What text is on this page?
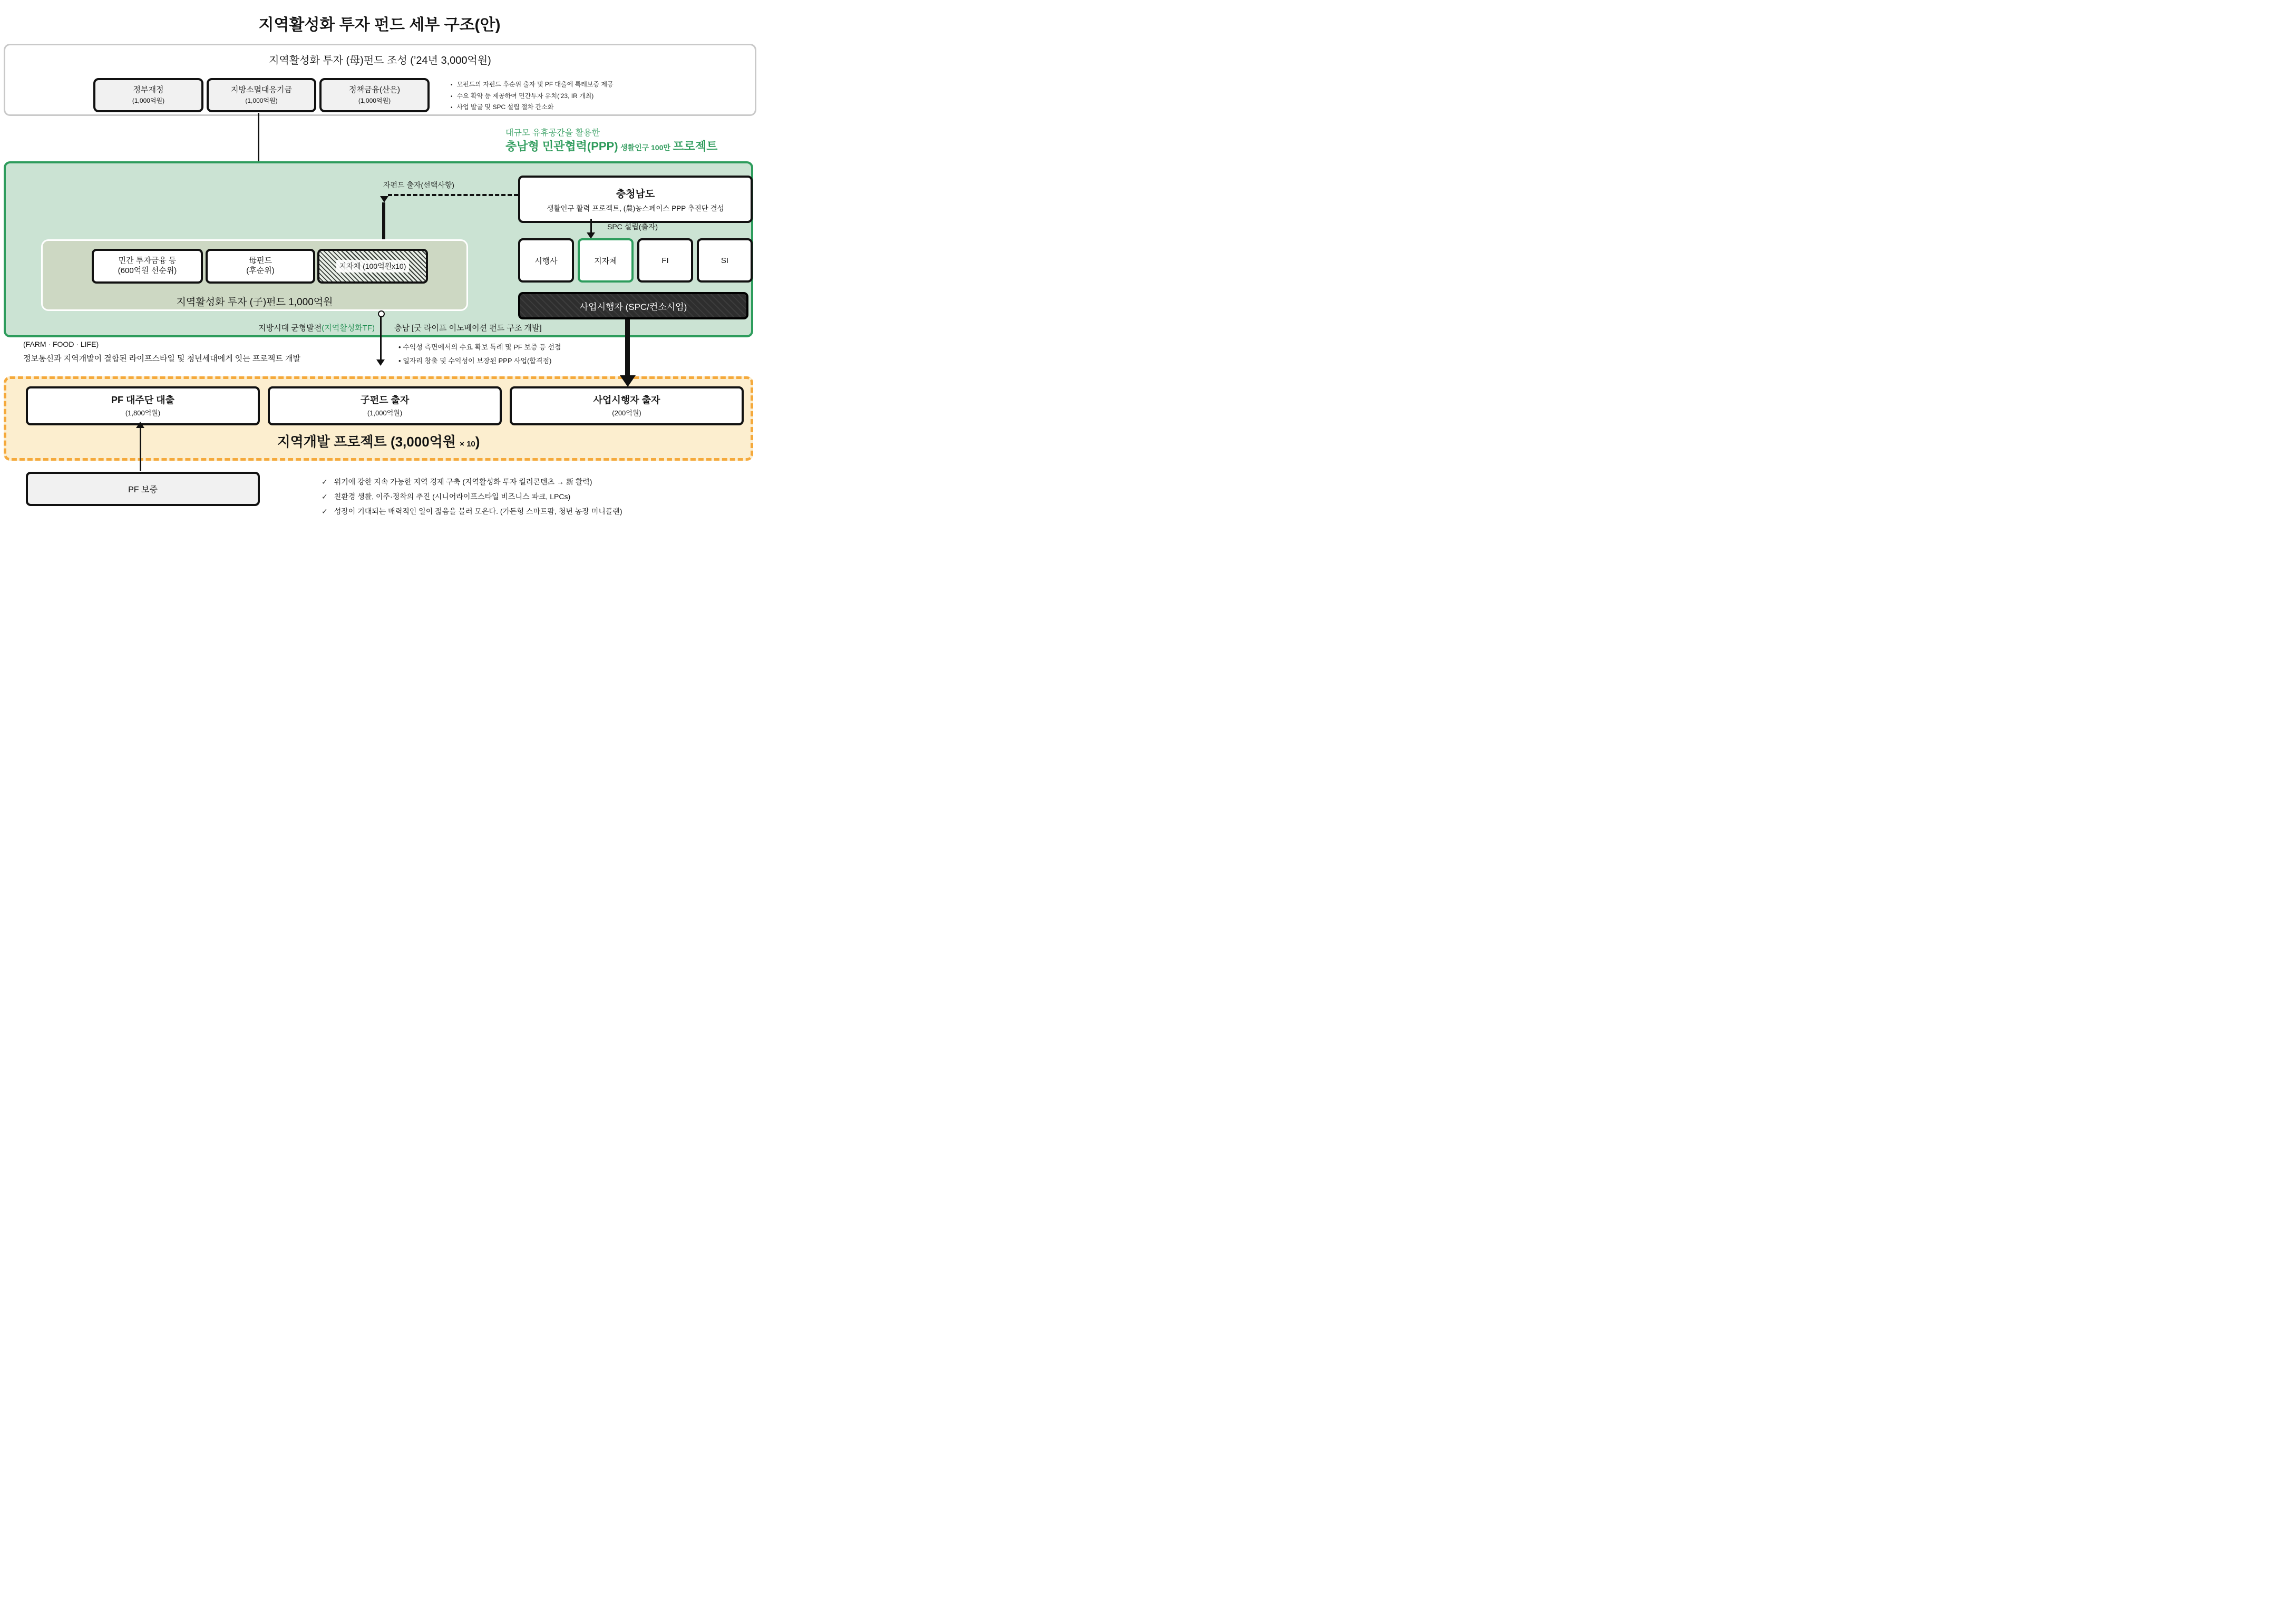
지역활성화 투자 펀드 세부 구조(안)
지역활성화 투자 (母)펀드 조성 (’24년 3,000억원)
정부재정
(1,000억원)
지방소멸대응기금
(1,000억원)
정책금융(산은)
(1,000억원)
• 모펀드의 자펀드 후순위 출자 및 PF 대출에 특례보증 제공
• 수요 확약 등 제공하여 민간투자 유치(’23, IR 개최)
• 사업 발굴 및 SPC 설립 절차 간소화
대규모 유휴공간을 활용한
충남형 민관협력(PPP) 생활인구 100만 프로젝트
자펀드 출자(선택사항)
충청남도
생활인구 활력 프로젝트, (農)농스페이스 PPP 추진단 결성
SPC 설립(출자)
시행사	지자체	FI	SI
사업시행자 (SPC/컨소시엄)
민간 투자금융 등
(600억원 선순위)
母펀드
(후순위)	지자체 (100억원x10)
지역활성화 투자 (子)펀드 1,000억원
지방시대 균형발전(지역활성화TF) 충남 [굿 라이프 이노베이션 펀드 구조 개발]
(FARM · FOOD · LIFE)
정보통신과 지역개발이 결합된 라이프스타일 및 청년세대에게 잇는 프로젝트 개발
• 수익성 측면에서의 수요 확보 특례 및 PF 보증 등 선점
• 일자리 창출 및 수익성이 보장된 PPP 사업(합격점)
PF 대주단 대출
(1,800억원)
子펀드 출자
(1,000억원)
사업시행자 출자
(200억원)
지역개발 프로젝트 (3,000억원 × 10)
PF 보증
✓ 위기에 강한 지속 가능한 지역 경제 구축 (지역활성화 투자 킬러콘텐츠 → 新 활력)
✓ 친환경 생활, 이주·정착의 추진 (시니어라이프스타일 비즈니스 파크, LPCs)
✓ 성장이 기대되는 매력적인 일이 젊음을 불러 모은다. (가든형 스마트팜, 청년 농장 미니플랜)
